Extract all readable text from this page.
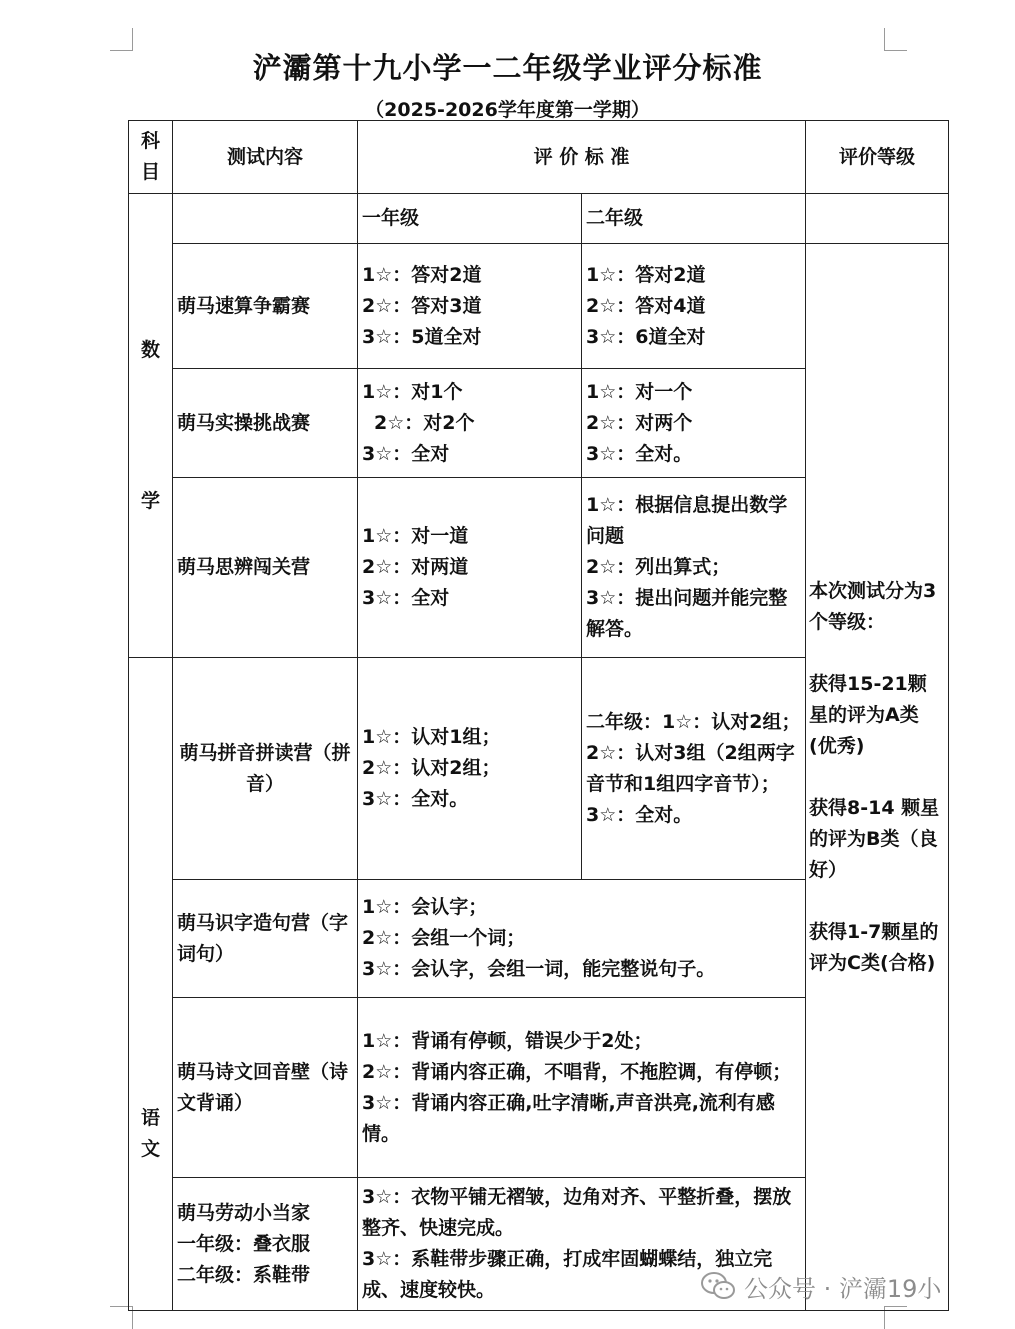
浐灞第十九小学一二年级学业评分标准
（2025-2026学年度第一学期）
科
目	测试内容	评 价 标 准		评价等级

数
学		一年级	二年级	
	萌马速算争霸赛	1☆：答对2道
2☆：答对3道
3☆：5道全对	1☆：答对2道
2☆：答对4道
3☆：6道全对	本次测试分为3个等级：
获得15-21颗星的评为A类(优秀)
获得8-14 颗星的评为B类（良好）
获得1-7颗星的评为C类(合格)

	萌马实操挑战赛	1☆：对1个
2☆：对2个
3☆：全对	1☆：对一个
2☆：对两个
3☆：全对。	

	萌马思辨闯关营	1☆：对一道
2☆：对两道
3☆：全对	1☆：根据信息提出数学问题
2☆：列出算式；
3☆：提出问题并能完整解答。	

语
文	萌马拼音拼读营（拼音）	1☆：认对1组；
2☆：认对2组；
3☆：全对。	二年级：1☆：认对2组；
2☆：认对3组（2组两字音节和1组四字音节）；
3☆：全对。	

	萌马识字造句营（字词句）	1☆：会认字；
2☆：会组一个词；
3☆：会认字，会组一词，能完整说句子。		

	萌马诗文回音壁（诗文背诵）	1☆：背诵有停顿，错误少于2处；
2☆：背诵内容正确，不唱背，不拖腔调，有停顿；
3☆：背诵内容正确,吐字清晰,声音洪亮,流利有感情。		

	萌马劳动小当家
一年级：叠衣服
二年级：系鞋带	3☆：衣物平铺无褶皱，边角对齐、平整折叠，摆放整齐、快速完成。
3☆：系鞋带步骤正确，打成牢固蝴蝶结，独立完成、速度较快。			公众号 · 浐灞19小
